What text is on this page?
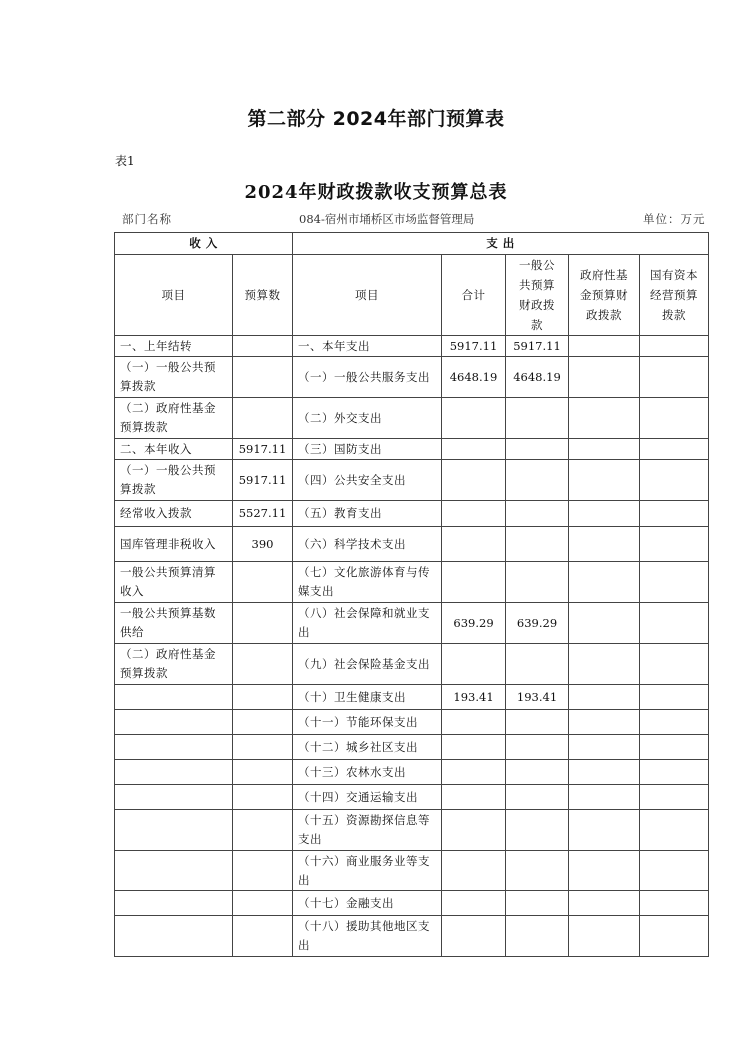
第二部分 2024年部门预算表
表1
2024年财政拨款收支预算总表
部门名称	084-宿州市埇桥区市场监督管理局	单位：万元
收 入		支 出				
项目	预算数	项目	合计	一般公共预算财政拨款	政府性基金预算财政拨款	国有资本经营预算拨款
一、上年结转		一、本年支出	5917.11	5917.11		
（一）一般公共预算拨款		（一）一般公共服务支出	4648.19	4648.19		
（二）政府性基金预算拨款		（二）外交支出				
二、本年收入	5917.11	（三）国防支出				
（一）一般公共预算拨款	5917.11	（四）公共安全支出				
经常收入拨款	5527.11	（五）教育支出				
国库管理非税收入	390	（六）科学技术支出				
一般公共预算清算收入		（七）文化旅游体育与传媒支出				
一般公共预算基数供给		（八）社会保障和就业支出	639.29	639.29		
（二）政府性基金预算拨款		（九）社会保险基金支出				
		（十）卫生健康支出	193.41	193.41		
		（十一）节能环保支出				
		（十二）城乡社区支出				
		（十三）农林水支出				
		（十四）交通运输支出				
		（十五）资源勘探信息等支出				
		（十六）商业服务业等支出				
		（十七）金融支出				
		（十八）援助其他地区支出				
